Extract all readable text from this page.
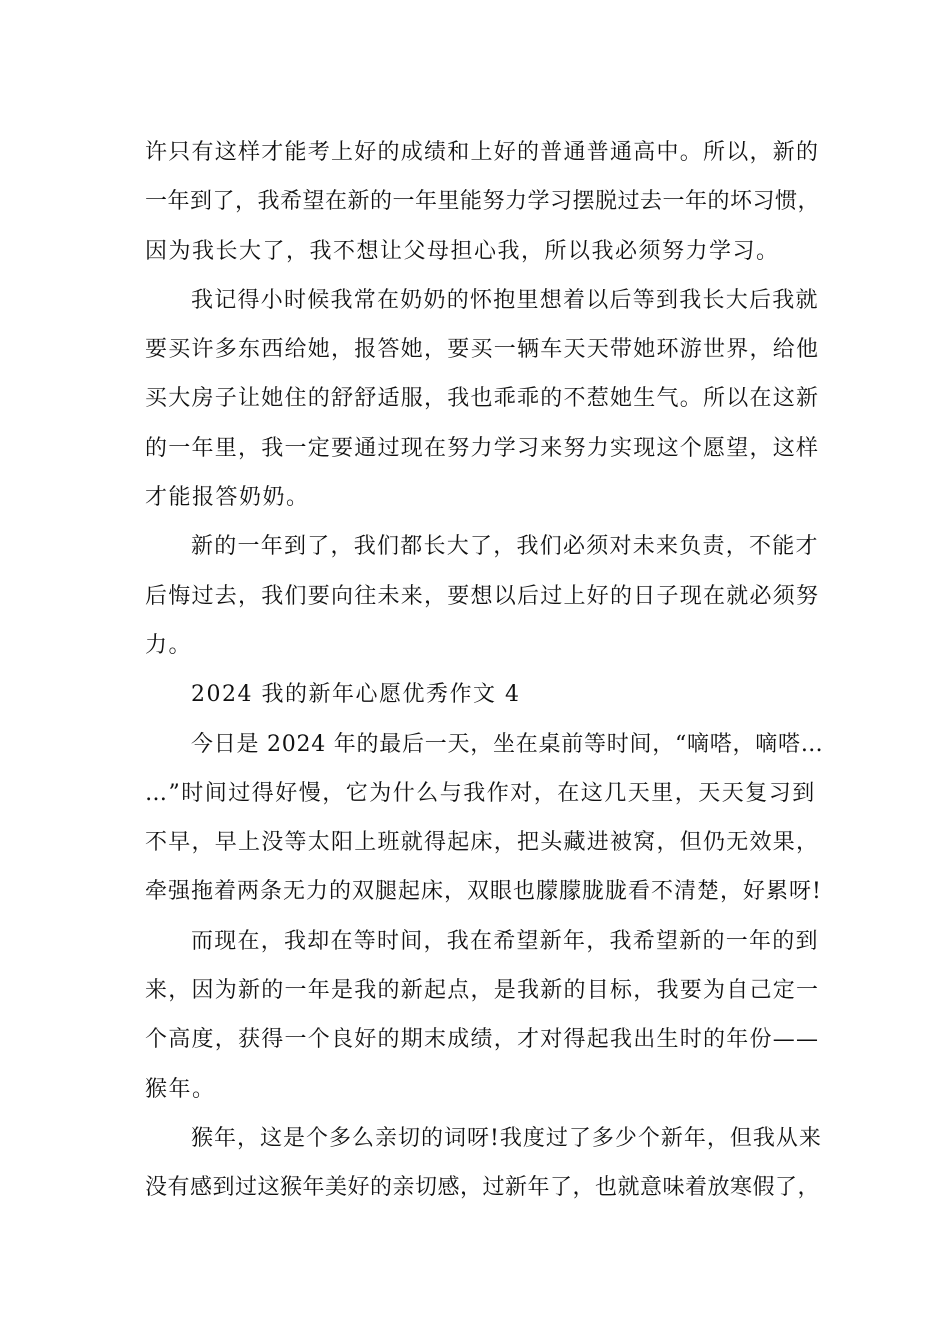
许只有这样才能考上好的成绩和上好的普通普通高中。所以，新的
一年到了，我希望在新的一年里能努力学习摆脱过去一年的坏习惯，
因为我长大了，我不想让父母担心我，所以我必须努力学习。
我记得小时候我常在奶奶的怀抱里想着以后等到我长大后我就
要买许多东西给她，报答她，要买一辆车天天带她环游世界，给他
买大房子让她住的舒舒适服，我也乖乖的不惹她生气。所以在这新
的一年里，我一定要通过现在努力学习来努力实现这个愿望，这样
才能报答奶奶。
新的一年到了，我们都长大了，我们必须对未来负责，不能才
后悔过去，我们要向往未来，要想以后过上好的日子现在就必须努
力。
2024 我的新年心愿优秀作文 4
今日是 2024 年的最后一天，坐在桌前等时间，“嘀嗒，嘀嗒…
…”时间过得好慢，它为什么与我作对，在这几天里，天天复习到
不早，早上没等太阳上班就得起床，把头藏进被窝，但仍无效果，
牵强拖着两条无力的双腿起床，双眼也朦朦胧胧看不清楚，好累呀!
而现在，我却在等时间，我在希望新年，我希望新的一年的到
来，因为新的一年是我的新起点，是我新的目标，我要为自己定一
个高度，获得一个良好的期末成绩，才对得起我出生时的年份——
猴年。
猴年，这是个多么亲切的词呀!我度过了多少个新年，但我从来
没有感到过这猴年美好的亲切感，过新年了，也就意味着放寒假了，
